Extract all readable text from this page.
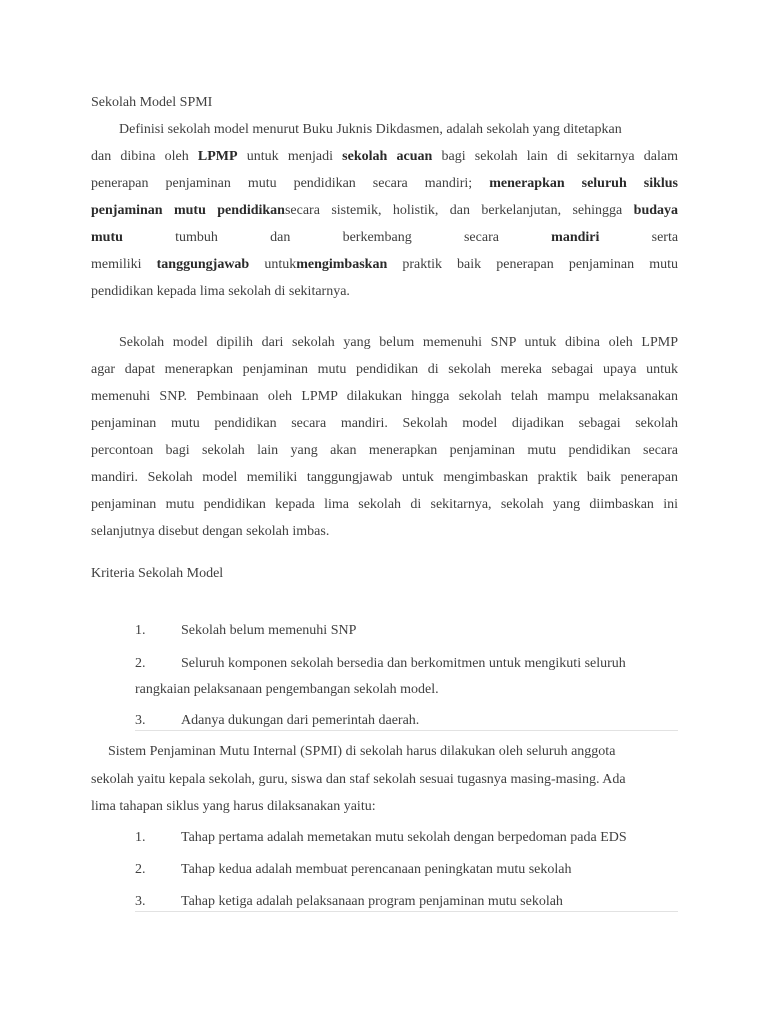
Sekolah Model SPMI
Definisi sekolah model menurut Buku Juknis Dikdasmen, adalah sekolah yang ditetapkan
dan dibina oleh LPMP untuk menjadi sekolah acuan bagi sekolah lain di sekitarnya dalam
penerapan penjaminan mutu pendidikan secara mandiri; menerapkan seluruh siklus
penjaminan mutu pendidikansecara sistemik, holistik, dan berkelanjutan, sehingga budaya
mutu	tumbuh	dan	berkembang	secara	mandiri	serta
memiliki tanggungjawab untukmengimbaskan praktik baik penerapan penjaminan mutu
pendidikan kepada lima sekolah di sekitarnya.
Sekolah model dipilih dari sekolah yang belum memenuhi SNP untuk dibina oleh LPMP
agar dapat menerapkan penjaminan mutu pendidikan di sekolah mereka sebagai upaya untuk
memenuhi SNP. Pembinaan oleh LPMP dilakukan hingga sekolah telah mampu melaksanakan
penjaminan mutu pendidikan secara mandiri. Sekolah model dijadikan sebagai sekolah
percontoan bagi sekolah lain yang akan menerapkan penjaminan mutu pendidikan secara
mandiri. Sekolah model memiliki tanggungjawab untuk mengimbaskan praktik baik penerapan
penjaminan mutu pendidikan kepada lima sekolah di sekitarnya, sekolah yang diimbaskan ini
selanjutnya disebut dengan sekolah imbas.
Kriteria Sekolah Model
1.	Sekolah belum memenuhi SNP
2.	Seluruh komponen sekolah bersedia dan berkomitmen untuk mengikuti seluruh
rangkaian pelaksanaan pengembangan sekolah model.
3.	Adanya dukungan dari pemerintah daerah.
Sistem Penjaminan Mutu Internal (SPMI) di sekolah harus dilakukan oleh seluruh anggota
sekolah yaitu kepala sekolah, guru, siswa dan staf sekolah sesuai tugasnya masing-masing. Ada
lima tahapan siklus yang harus dilaksanakan yaitu:
1.	Tahap pertama adalah memetakan mutu sekolah dengan berpedoman pada EDS
2.	Tahap kedua adalah membuat perencanaan peningkatan mutu sekolah
3.	Tahap ketiga adalah pelaksanaan program penjaminan mutu sekolah
